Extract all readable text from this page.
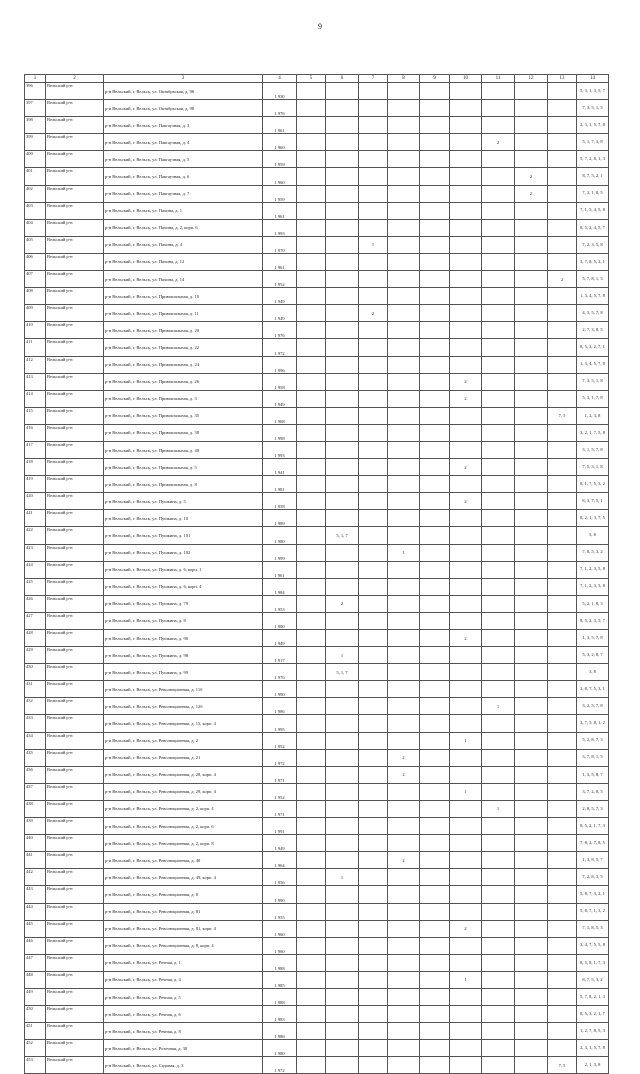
9
1	2	3	4	5	6	7	8	9	10	11	12	13	14
396	Вельский р-н	р-н Вельский, г. Вельск, ул. Октябрьская, д. 96	1 930										5, 3, 1, 3, 5, 7
397	Вельский р-н	р-н Вельский, г. Вельск, ул. Октябрьская, д. 98	1 976										7, 3, 5, 1, 5
398	Вельский р-н	р-н Вельский, г. Вельск, ул. Пакгаузная, д. 3	1 961										2, 3, 1, 5, 7, 8
399	Вельский р-н	р-н Вельский, г. Вельск, ул. Пакгаузная, д. 4	1 960							2			5, 1, 7, 3, 8
400	Вельский р-н	р-н Вельский, г. Вельск, ул. Пакгаузная, д. 5	1 959										5, 7, 2, 8, 1, 3
401	Вельский р-н	р-н Вельский, г. Вельск, ул. Пакгаузная, д. 6	1 960								2		8, 7, 5, 2, 1
402	Вельский р-н	р-н Вельский, г. Вельск, ул. Пакгаузная, д. 7	1 959								2		7, 3, 1, 8, 5
403	Вельский р-н	р-н Вельский, г. Вельск, ул. Пахина, д. 1	1 961										7, 1, 5, 4, 5, 8
404	Вельский р-н	р-н Вельский, г. Вельск, ул. Пахина, д. 2, корп. 6	1 993										8, 5, 2, 4, 5, 7
405	Вельский р-н	р-н Вельский, г. Вельск, ул. Пахина, д. 4	1 970			1							7, 2, 3, 5, 8
406	Вельский р-н	р-н Вельский, г. Вельск, ул. Пахина, д. 12	1 961										3, 7, 8, 5, 2, 1
407	Вельский р-н	р-н Вельский, г. Вельск, ул. Пахина, д. 14	1 952									2	5, 7, 8, 1, 3
408	Вельский р-н	р-н Вельский, г. Вельск, ул. Привокзальная, д. 10	1 949										1, 3, 4, 5, 7, 8
409	Вельский р-н	р-н Вельский, г. Вельск, ул. Привокзальная, д. 11	1 949			2							4, 3, 5, 7, 8
410	Вельский р-н	р-н Вельский, г. Вельск, ул. Привокзальная, д. 20	1 976										2, 7, 3, 8, 5
411	Вельский р-н	р-н Вельский, г. Вельск, ул. Привокзальная, д. 22	1 972										8, 5, 3, 2, 7, 1
412	Вельский р-н	р-н Вельский, г. Вельск, ул. Привокзальная, д. 24	1 996										1, 3, 4, 5, 7, 8
413	Вельский р-н	р-н Вельский, г. Вельск, ул. Привокзальная, д. 26	1 958						2				7, 3, 5, 1, 8
414	Вельский р-н	р-н Вельский, г. Вельск, ул. Привокзальная, д. 3	1 949						2				5, 3, 1, 7, 8
415	Вельский р-н	р-н Вельский, г. Вельск, ул. Привокзальная, д. 35	1 968									7, 5	1, 2, 3, 8
416	Вельский р-н	р-н Вельский, г. Вельск, ул. Привокзальная, д. 38	1 998										3, 2, 1, 7, 5, 8
417	Вельский р-н	р-н Вельский, г. Вельск, ул. Привокзальная, д. 40	1 993										3, 1, 5, 7, 8
418	Вельский р-н	р-н Вельский, г. Вельск, ул. Привокзальная, д. 5	1 941						2				7, 5, 3, 1, 8
419	Вельский р-н	р-н Вельский, г. Вельск, ул. Привокзальная, д. 8	1 981										8, 1, 7, 5, 3, 2
420	Вельский р-н	р-н Вельский, г. Вельск, ул. Пушкина, д. 5	1 958						2				8, 3, 7, 5, 1
421	Вельский р-н	р-н Вельский, г. Вельск, ул. Пушкина, д. 10	1 989										8, 2, 1, 3, 7, 5
422	Вельский р-н	р-н Вельский, г. Вельск, ул. Пушкина, д. 101	1 980		5, 1, 7								3, 8
423	Вельский р-н	р-н Вельский, г. Вельск, ул. Пушкина, д. 102	1 999				1						7, 8, 5, 3, 2
424	Вельский р-н	р-н Вельский, г. Вельск, ул. Пушкина, д. 6, корп. 1	1 961										7, 1, 2, 3, 5, 8
425	Вельский р-н	р-н Вельский, г. Вельск, ул. Пушкина, д. 6, корп. 4	1 984										7, 1, 2, 3, 5, 8
426	Вельский р-н	р-н Вельский, г. Вельск, ул. Пушкина, д. 79	1 953		2								5, 2, 1, 8, 3
427	Вельский р-н	р-н Вельский, г. Вельск, ул. Пушкина, д. 8	1 900										8, 5, 2, 3, 5, 7
428	Вельский р-н	р-н Вельский, г. Вельск, ул. Пушкина, д. 90	1 949						2				1, 3, 5, 7, 8
429	Вельский р-н	р-н Вельский, г. Вельск, ул. Пушкина, д. 98	1 917		1								5, 3, 2, 8, 7
430	Вельский р-н	р-н Вельский, г. Вельск, ул. Пушкина, д. 99	1 976		5, 1, 7								3, 8
431	Вельский р-н	р-н Вельский, г. Вельск, ул. Революционная, д. 11б	1 990										2, 8, 7, 5, 3, 1
432	Вельский р-н	р-н Вельский, г. Вельск, ул. Революционная, д. 12б	1 986							1			3, 2, 5, 7, 8
433	Вельский р-н	р-н Вельский, г. Вельск, ул. Революционная, д. 15, корп. 4	1 995										3, 7, 5, 8, 1, 2
434	Вельский р-н	р-н Вельский, г. Вельск, ул. Революционная, д. 2	1 952						1				5, 2, 8, 7, 3
435	Вельский р-н	р-н Вельский, г. Вельск, ул. Революционная, д. 21	1 972				2						3, 7, 8, 1, 5
436	Вельский р-н	р-н Вельский, г. Вельск, ул. Революционная, д. 28, корп. 4	1 971				2						1, 3, 5, 8, 7
437	Вельский р-н	р-н Вельский, г. Вельск, ул. Революционная, д. 29, корп. 4	1 952						1				3, 7, 2, 8, 5
438	Вельский р-н	р-н Вельский, г. Вельск, ул. Революционная, д. 2, корп. 4	1 971							1			2, 8, 5, 7, 3
439	Вельский р-н	р-н Вельский, г. Вельск, ул. Революционная, д. 2, корп. 6	1 991										8, 5, 2, 1, 7, 3
440	Вельский р-н	р-н Вельский, г. Вельск, ул. Революционная, д. 2, корп. 8	1 949										7, 8, 2, 7, 8, 5
441	Вельский р-н	р-н Вельский, г. Вельск, ул. Революционная, д. 40	1 964				2						1, 3, 8, 5, 7
442	Вельский р-н	р-н Вельский, г. Вельск, ул. Революционная, д. 49, корп. 4	1 956		1								7, 2, 8, 3, 5
443	Вельский р-н	р-н Вельский, г. Вельск, ул. Революционная, д. 8	1 990										5, 8, 7, 3, 2, 1
444	Вельский р-н	р-н Вельский, г. Вельск, ул. Революционная, д. 81	1 955										5, 8, 7, 1, 3, 2
445	Вельский р-н	р-н Вельский, г. Вельск, ул. Революционная, д. 81, корп. 4	1 960						2				7, 1, 8, 5, 3
446	Вельский р-н	р-н Вельский, г. Вельск, ул. Революционная, д. 8, корп. 4	1 960										3, 4, 7, 5, 5, 8
447	Вельский р-н	р-н Вельский, г. Вельск, ул. Речная, д. 1	1 988										8, 5, 8, 1, 7, 3
448	Вельский р-н	р-н Вельский, г. Вельск, ул. Речная, д. 4	1 985						1				8, 7, 5, 3, 2
449	Вельский р-н	р-н Вельский, г. Вельск, ул. Речная, д. 5	1 988										5, 7, 8, 2, 1, 3
450	Вельский р-н	р-н Вельский, г. Вельск, ул. Речная, д. 6	1 983										8, 5, 3, 2, 1, 7
451	Вельский р-н	р-н Вельский, г. Вельск, ул. Речная, д. 8	1 986										1, 2, 7, 8, 5, 3
452	Вельский р-н	р-н Вельский, г. Вельск, ул. Розочная, д. 30	1 980										2, 3, 1, 5, 7, 8
453	Вельский р-н	р-н Вельский, г. Вельск, ул. Садовая, д. 3	1 972									7, 5	2, 1, 3, 8
